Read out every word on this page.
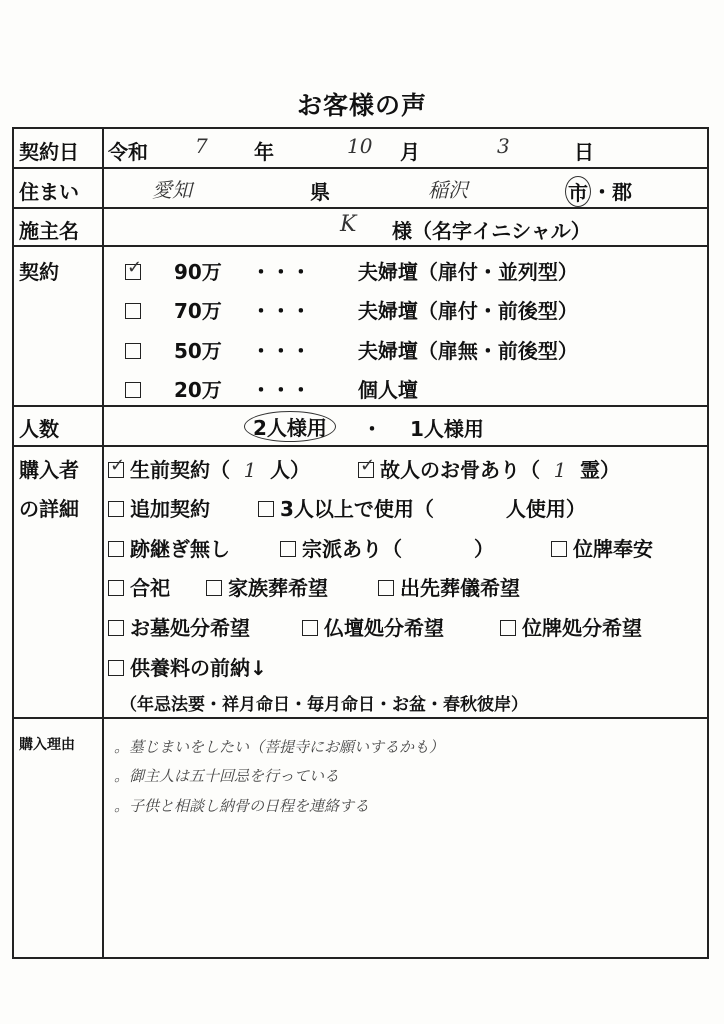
お客様の声
契約日 令和 7 年	10 月	3	日
住まい	愛知	県	稲沢	市 ・ 郡
施主名	K 様（名字イニシャル）
契約 ✓	90万 ・・・ 夫婦壇（扉付・並列型）
70万 ・・・ 夫婦壇（扉付・前後型）
50万 ・・・ 夫婦壇（扉無・前後型）
20万 ・・・ 個人壇
人数	2人様用	・ 1人様用
購入者
の詳細
✓生前契約（ 1 人） ✓	故人のお骨あり（ 1 霊）
追加契約	3人以上で使用（	人使用）
跡継ぎ無し	宗派あり（	）	位牌奉安
合祀	家族葬希望	出先葬儀希望
お墓処分希望	仏壇処分希望	位牌処分希望
供養料の前納↓
（年忌法要・祥月命日・毎月命日・お盆・春秋彼岸）
購入理由	。墓じまいをしたい（菩提寺にお願いするかも）
。御主人は五十回忌を行っている
。子供と相談し納骨の日程を連絡する
